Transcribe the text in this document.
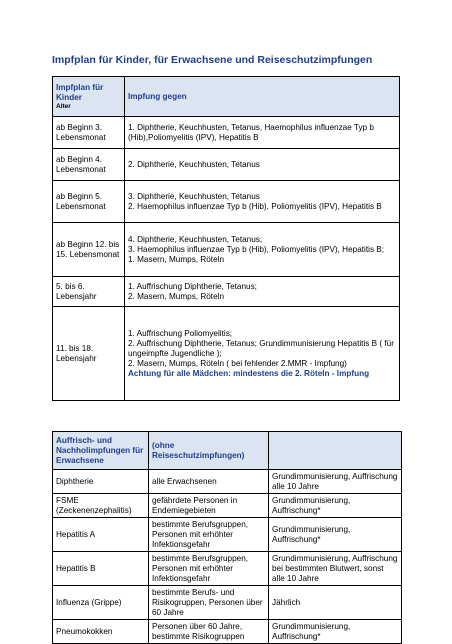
Impfplan für Kinder, für Erwachsene und Reiseschutzimpfungen
Impfplan für Kinder
Alter	Impfung gegen
ab Beginn 3. Lebensmonat	1. Diphtherie, Keuchhusten, Tetanus, Haemophilus influenzae Typ b (Hib),Poliomyelitis (IPV), Hepatitis B

ab Beginn 4. Lebensmonat	2. Diphtherie, Keuchhusten, Tetanus

ab Beginn 5. Lebensmonat	3. Diphtherie, Keuchhusten, Tetanus
2. Haemophilus influenzae Typ b (Hib), Poliomyelitis (IPV), Hepatitis B

ab Beginn 12. bis 15. Lebensmonat	4. Diphtherie, Keuchhusten, Tetanus;
3. Haemophilus influenzae Typ b (Hib), Poliomyelitis (IPV), Hepatitis B;
1. Masern, Mumps, Röteln

5. bis 6. Lebensjahr	1. Auffrischung Diphtherie, Tetanus;
2. Masern, Mumps, Röteln

11. bis 18. Lebensjahr	1. Auffrischung Poliomyelitis;
2. Auffrischung Diphtherie, Tetanus; Grundimmunisierung Hepatitis B ( für ungeimpfte Jugendliche );
2. Masern, Mumps, Röteln ( bei fehlender 2.MMR - Impfung)
Achtung für alle Mädchen: mindestens die 2. Röteln - Impfung
Auffrisch- und Nachholimpfungen für Erwachsene	(ohne Reiseschutzimpfungen)	
Diphtherie	alle Erwachsenen	Grundimmunisierung, Auffrischung alle 10 Jahre
FSME (Zeckenenzephalitis)	gefährdete Personen in Endemiegebieten	Grundimmunisierung, Auffrischung*
Hepatitis A	bestimmte Berufsgruppen, Personen mit erhöhter Infektionsgefahr	Grundimmunisierung, Auffrischung*
Hepatitis B	bestimmte Berufsgruppen, Personen mit erhöhter Infektionsgefahr	Grundimmunisierung, Auffrischung bei bestimmten Blutwert, sonst alle 10 Jahre
Influenza (Grippe)	bestimmte Berufs- und Risikogruppen, Personen über 60 Jahre	Jährlich
Pneumokokken	Personen über 60 Jahre, bestimmte Risikogruppen	Grundimmunisierung, Auffrischung*
